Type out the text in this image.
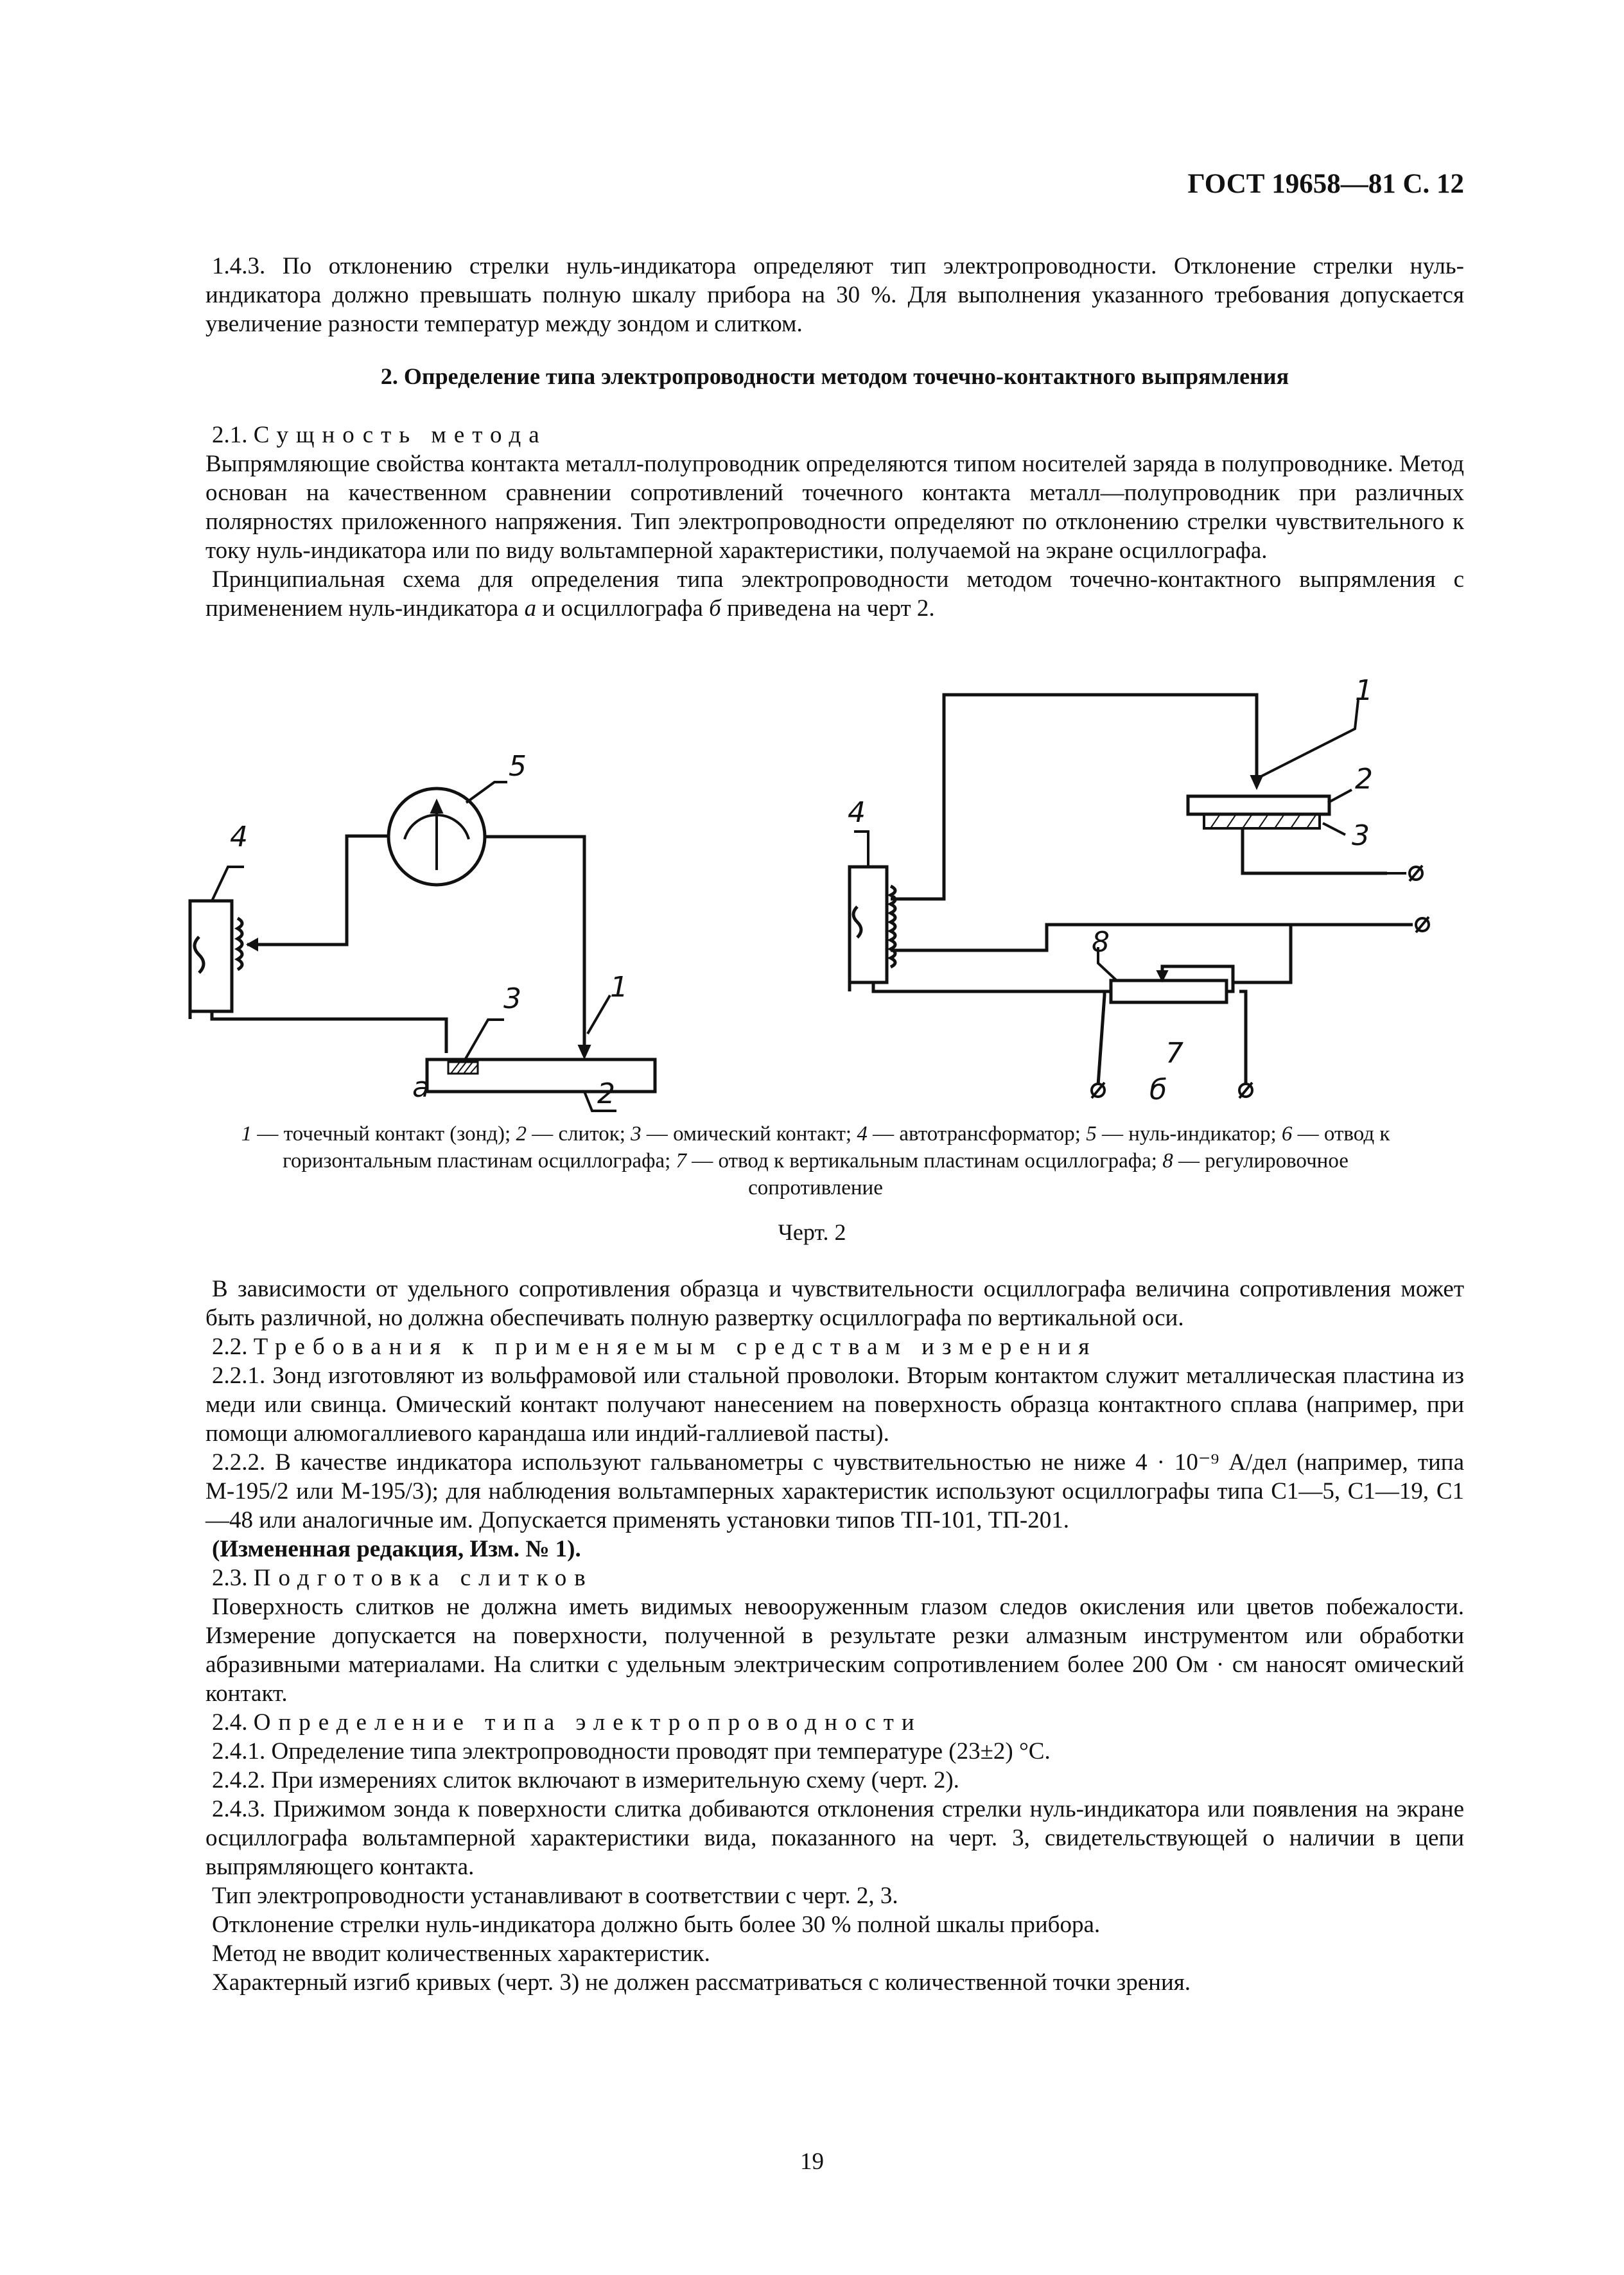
ГОСТ 19658—81 С. 12

1.4.3. По отклонению стрелки нуль-индикатора определяют тип электропроводности. Отклонение стрелки нуль-индикатора должно превышать полную шкалу прибора на 30 %. Для выполнения указанного требования допускается увеличение разности температур между зондом и слитком.

2. Определение типа электропроводности методом точечно-контактного выпрямления

2.1. Сущность метода

Выпрямляющие свойства контакта металл-полупроводник определяются типом носителей заряда в полупроводнике. Метод основан на качественном сравнении сопротивлений точечного контакта металл—полупроводник при различных полярностях приложенного напряжения. Тип электропроводности определяют по отклонению стрелки чувствительного к току нуль-индикатора или по виду вольтамперной характеристики, получаемой на экране осциллографа.

Принципиальная схема для определения типа электропроводности методом точечно-контактного выпрямления с применением нуль-индикатора а и осциллографа б приведена на черт 2.

4
5
3	1
2
а
1
2
3
4
8
7
б
1 — точечный контакт (зонд); 2 — слиток; 3 — омический контакт; 4 — автотрансформатор; 5 — нуль-индикатор; 6 — отвод к горизонтальным пластинам осциллографа; 7 — отвод к вертикальным пластинам осциллографа; 8 — регулировочное сопротивление
Черт. 2

В зависимости от удельного сопротивления образца и чувствительности осциллографа величина сопротивления может быть различной, но должна обеспечивать полную развертку осциллографа по вертикальной оси.

2.2. Требования к применяемым средствам измерения

2.2.1. Зонд изготовляют из вольфрамовой или стальной проволоки. Вторым контактом служит металлическая пластина из меди или свинца. Омический контакт получают нанесением на поверхность образца контактного сплава (например, при помощи алюмогаллиевого карандаша или индий-галлиевой пасты).

2.2.2. В качестве индикатора используют гальванометры с чувствительностью не ниже 4 · 10⁻⁹ А/дел (например, типа М-195/2 или М-195/3); для наблюдения вольтамперных характеристик используют осциллографы типа С1—5, С1—19, С1—48 или аналогичные им. Допускается применять установки типов ТП-101, ТП-201.

(Измененная редакция, Изм. № 1).

2.3. Подготовка слитков

Поверхность слитков не должна иметь видимых невооруженным глазом следов окисления или цветов побежалости. Измерение допускается на поверхности, полученной в результате резки алмазным инструментом или обработки абразивными материалами. На слитки с удельным электрическим сопротивлением более 200 Ом · см наносят омический контакт.

2.4. Определение типа электропроводности

2.4.1. Определение типа электропроводности проводят при температуре (23±2) °С.

2.4.2. При измерениях слиток включают в измерительную схему (черт. 2).

2.4.3. Прижимом зонда к поверхности слитка добиваются отклонения стрелки нуль-индикатора или появления на экране осциллографа вольтамперной характеристики вида, показанного на черт. 3, свидетельствующей о наличии в цепи выпрямляющего контакта.

Тип электропроводности устанавливают в соответствии с черт. 2, 3.

Отклонение стрелки нуль-индикатора должно быть более 30 % полной шкалы прибора.

Метод не вводит количественных характеристик.

Характерный изгиб кривых (черт. 3) не должен рассматриваться с количественной точки зрения.

19
